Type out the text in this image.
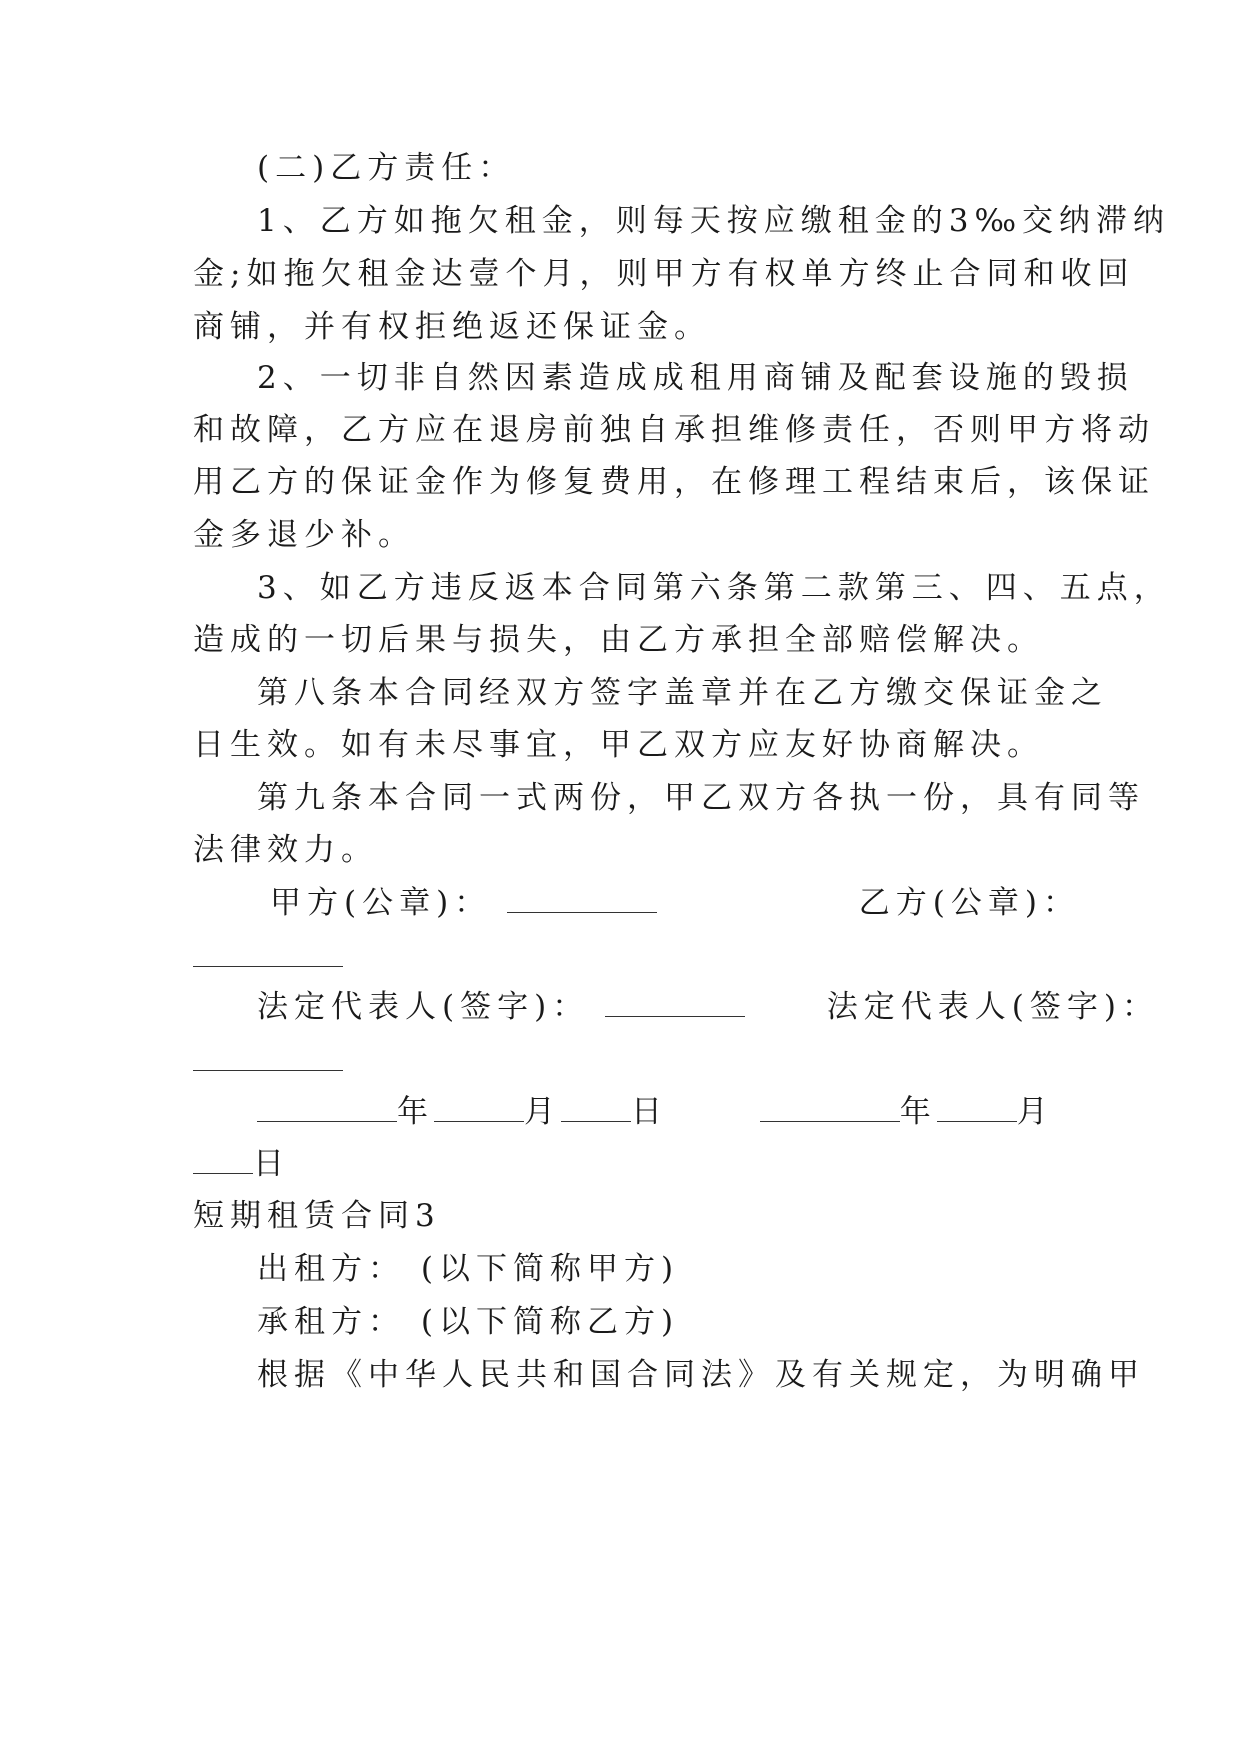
(二)乙方责任：
1、乙方如拖欠租金，则每天按应缴租金的3‰交纳滞纳
金;如拖欠租金达壹个月，则甲方有权单方终止合同和收回
商铺，并有权拒绝返还保证金。
2、一切非自然因素造成成租用商铺及配套设施的毁损
和故障，乙方应在退房前独自承担维修责任，否则甲方将动
用乙方的保证金作为修复费用，在修理工程结束后，该保证
金多退少补。
3、如乙方违反返本合同第六条第二款第三、四、五点，
造成的一切后果与损失，由乙方承担全部赔偿解决。
第八条本合同经双方签字盖章并在乙方缴交保证金之
日生效。如有未尽事宜，甲乙双方应友好协商解决。
第九条本合同一式两份，甲乙双方各执一份，具有同等
法律效力。
甲方(公章)：	乙方(公章)：
法定代表人(签字)：	法定代表人(签字)：
年	月 日	年	月
日
短期租赁合同3
出租方： (以下简称甲方)
承租方： (以下简称乙方)
根据《中华人民共和国合同法》及有关规定，为明确甲
